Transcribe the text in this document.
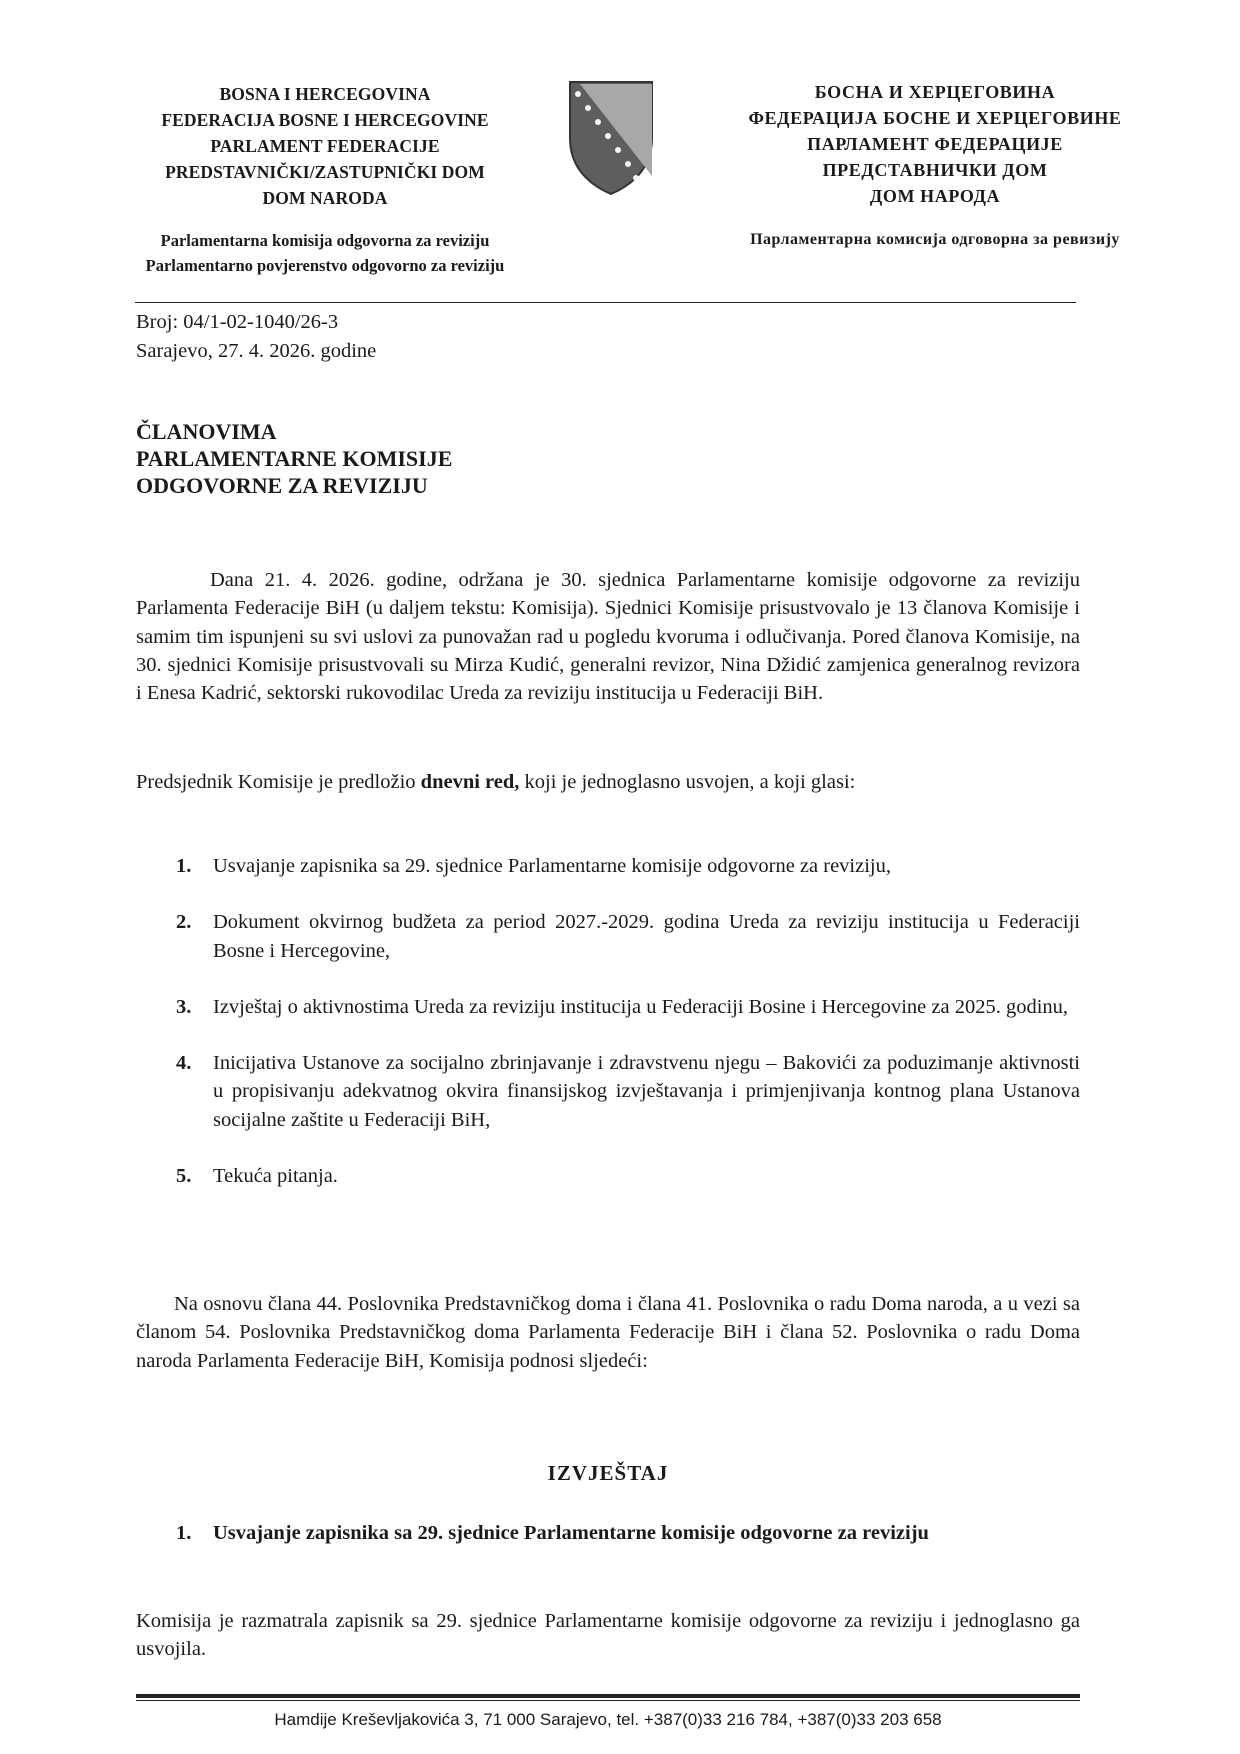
BOSNA I HERCEGOVINA
FEDERACIJA BOSNE I HERCEGOVINE
PARLAMENT FEDERACIJE
PREDSTAVNIČKI/ZASTUPNIČKI DOM
DOM NARODA
БОСНА И ХЕРЦЕГОВИНА
ФЕДЕРАЦИЈА БОСНЕ И ХЕРЦЕГОВИНЕ
ПАРЛАМЕНТ ФЕДЕРАЦИЈЕ
ПРЕДСТАВНИЧКИ ДОМ
ДОМ НАРОДА
Parlamentarna komisija odgovorna za reviziju
Parlamentarno povjerenstvo odgovorno za reviziju
Парламентарна комисија одговорна за ревизију
Broj: 04/1-02-1040/26-3
Sarajevo, 27. 4. 2026. godine
ČLANOVIMA
PARLAMENTARNE KOMISIJE
ODGOVORNE ZA REVIZIJU
Dana 21. 4. 2026. godine, održana je 30. sjednica Parlamentarne komisije odgovorne za reviziju Parlamenta Federacije BiH (u daljem tekstu: Komisija). Sjednici Komisije prisustvovalo je 13 članova Komisije i samim tim ispunjeni su svi uslovi za punovažan rad u pogledu kvoruma i odlučivanja. Pored članova Komisije, na 30. sjednici Komisije prisustvovali su Mirza Kudić, generalni revizor, Nina Džidić zamjenica generalnog revizora i Enesa Kadrić, sektorski rukovodilac Ureda za reviziju institucija u Federaciji BiH.
Predsjednik Komisije je predložio dnevni red, koji je jednoglasno usvojen, a koji glasi:
1. Usvajanje zapisnika sa 29. sjednice Parlamentarne komisije odgovorne za reviziju,
2. Dokument okvirnog budžeta za period 2027.-2029. godina Ureda za reviziju institucija u Federaciji Bosne i Hercegovine,
3. Izvještaj o aktivnostima Ureda za reviziju institucija u Federaciji Bosine i Hercegovine za 2025. godinu,
4. Inicijativa Ustanove za socijalno zbrinjavanje i zdravstvenu njegu – Bakovići za poduzimanje aktivnosti u propisivanju adekvatnog okvira finansijskog izvještavanja i primjenjivanja kontnog plana Ustanova socijalne zaštite u Federaciji BiH,
5. Tekuća pitanja.
Na osnovu člana 44. Poslovnika Predstavničkog doma i člana 41. Poslovnika o radu Doma naroda, a u vezi sa članom 54. Poslovnika Predstavničkog doma Parlamenta Federacije BiH i člana 52. Poslovnika o radu Doma naroda Parlamenta Federacije BiH, Komisija podnosi sljedeći:
IZVJEŠTAJ
1.	Usvajanje zapisnika sa 29. sjednice Parlamentarne komisije odgovorne za reviziju
Komisija je razmatrala zapisnik sa 29. sjednice Parlamentarne komisije odgovorne za reviziju i jednoglasno ga usvojila.
Hamdije Kreševljakovića 3, 71 000 Sarajevo, tel. +387(0)33 216 784, +387(0)33 203 658
